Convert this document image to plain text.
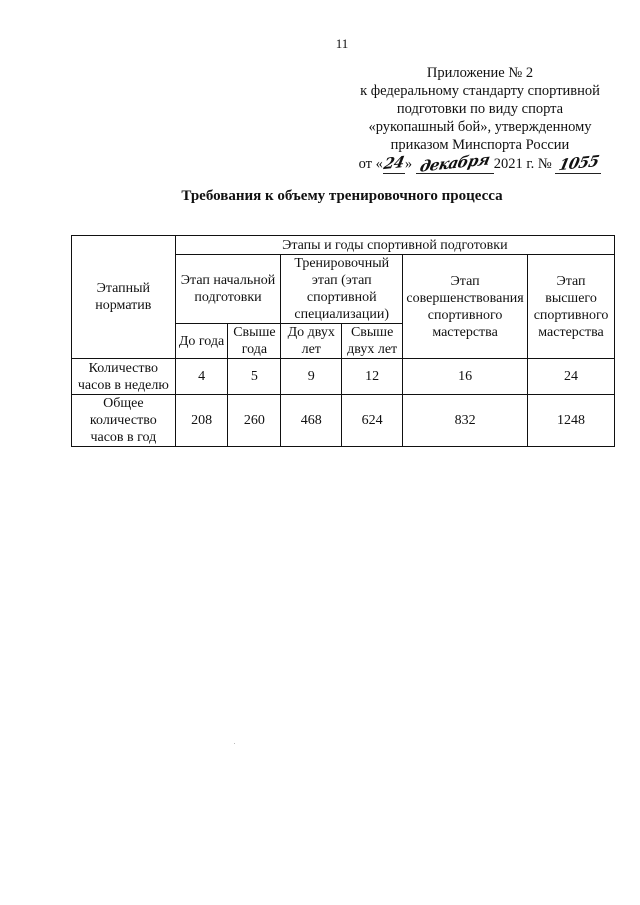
11
Приложение № 2
к федеральному стандарту спортивной
подготовки по виду спорта
«рукопашный бой», утвержденному
приказом Минспорта России
от «24» декабря 2021 г. № 1055
Требования к объему тренировочного процесса
Этапный норматив	Этапы и годы спортивной подготовки					
	Этап начальной подготовки		Тренировочный этап (этап спортивной специализации)		Этап совершенствования спортивного мастерства	Этап высшего спортивного мастерства
	До года	Свыше года	До двух лет	Свыше двух лет		
Количество часов в неделю	4	5	9	12	16	24
Общее количество часов в год	208	260	468	624	832	1248
